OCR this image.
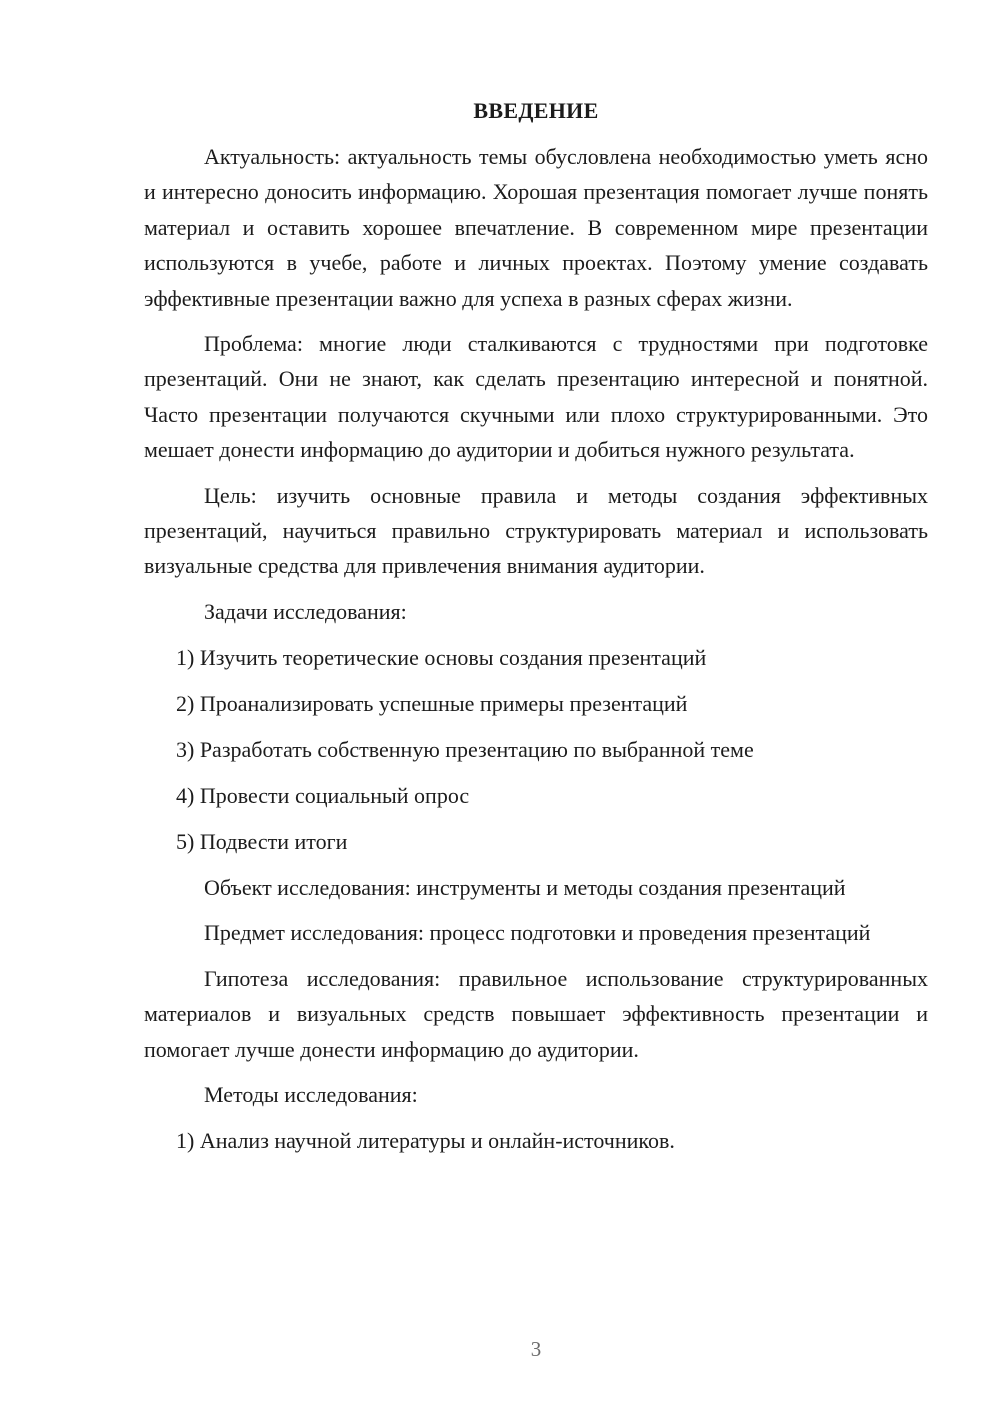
ВВЕДЕНИЕ

Актуальность: актуальность темы обусловлена необходимостью уметь ясно и интересно доносить информацию. Хорошая презентация помогает лучше понять материал и оставить хорошее впечатление. В современном мире презентации используются в учебе, работе и личных проектах. Поэтому умение создавать эффективные презентации важно для успеха в разных сферах жизни.

Проблема: многие люди сталкиваются с трудностями при подготовке презентаций. Они не знают, как сделать презентацию интересной и понятной. Часто презентации получаются скучными или плохо структурированными. Это мешает донести информацию до аудитории и добиться нужного результата.

Цель: изучить основные правила и методы создания эффективных презентаций, научиться правильно структурировать материал и использовать визуальные средства для привлечения внимания аудитории.

Задачи исследования:
1) Изучить теоретические основы создания презентаций
2) Проанализировать успешные примеры презентаций
3) Разработать собственную презентацию по выбранной теме
4) Провести социальный опрос
5) Подвести итоги

Объект исследования: инструменты и методы создания презентаций

Предмет исследования: процесс подготовки и проведения презентаций

Гипотеза исследования: правильное использование структурированных материалов и визуальных средств повышает эффективность презентации и помогает лучше донести информацию до аудитории.

Методы исследования:
1) Анализ научной литературы и онлайн-источников.
3
